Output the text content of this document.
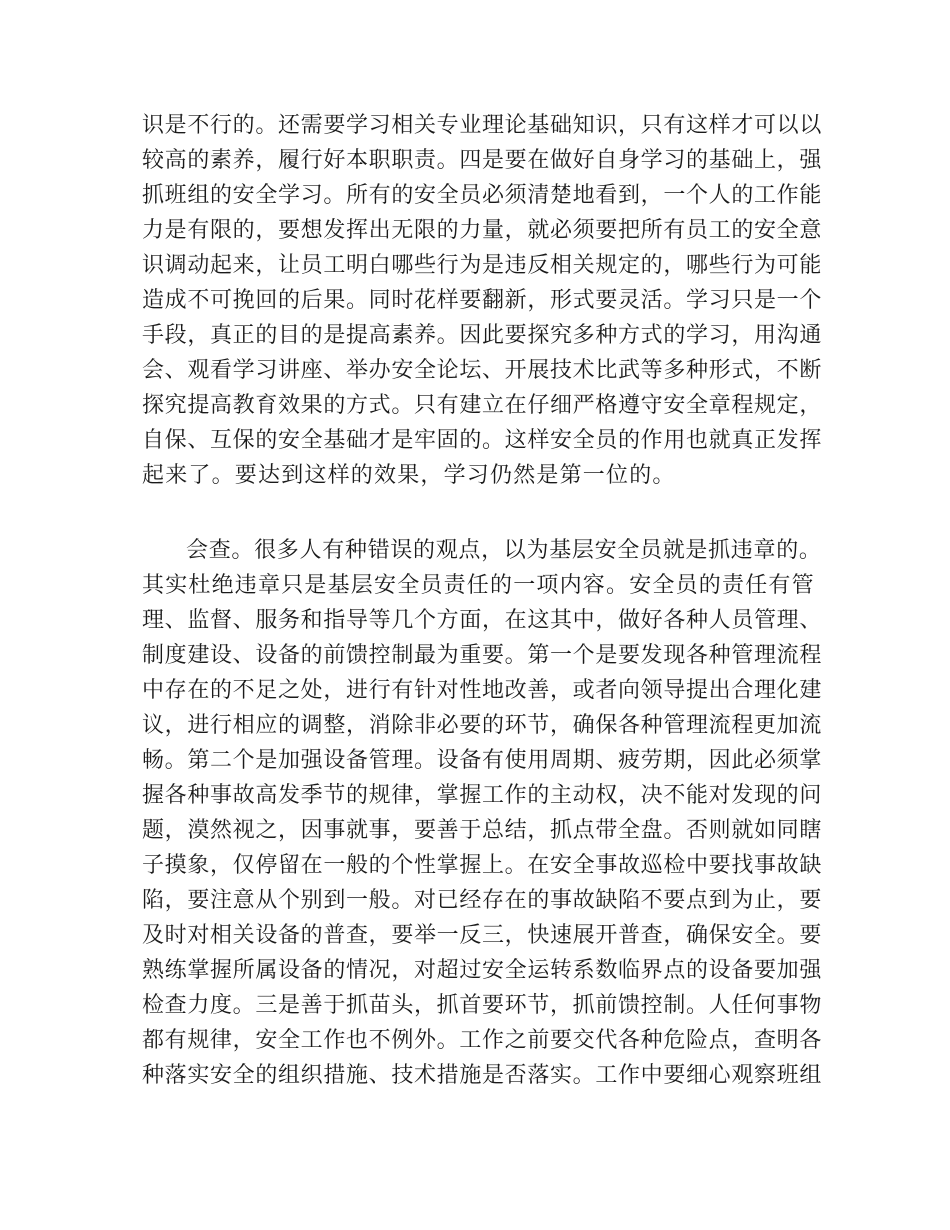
识是不行的。还需要学习相关专业理论基础知识，只有这样才可以以
较高的素养，履行好本职职责。四是要在做好自身学习的基础上，强
抓班组的安全学习。所有的安全员必须清楚地看到，一个人的工作能
力是有限的，要想发挥出无限的力量，就必须要把所有员工的安全意
识调动起来，让员工明白哪些行为是违反相关规定的，哪些行为可能
造成不可挽回的后果。同时花样要翻新，形式要灵活。学习只是一个
手段，真正的目的是提高素养。因此要探究多种方式的学习，用沟通
会、观看学习讲座、举办安全论坛、开展技术比武等多种形式，不断
探究提高教育效果的方式。只有建立在仔细严格遵守安全章程规定，
自保、互保的安全基础才是牢固的。这样安全员的作用也就真正发挥
起来了。要达到这样的效果，学习仍然是第一位的。
会查。很多人有种错误的观点，以为基层安全员就是抓违章的。
其实杜绝违章只是基层安全员责任的一项内容。安全员的责任有管
理、监督、服务和指导等几个方面，在这其中，做好各种人员管理、
制度建设、设备的前馈控制最为重要。第一个是要发现各种管理流程
中存在的不足之处，进行有针对性地改善，或者向领导提出合理化建
议，进行相应的调整，消除非必要的环节，确保各种管理流程更加流
畅。第二个是加强设备管理。设备有使用周期、疲劳期，因此必须掌
握各种事故高发季节的规律，掌握工作的主动权，决不能对发现的问
题，漠然视之，因事就事，要善于总结，抓点带全盘。否则就如同瞎
子摸象，仅停留在一般的个性掌握上。在安全事故巡检中要找事故缺
陷，要注意从个别到一般。对已经存在的事故缺陷不要点到为止，要
及时对相关设备的普查，要举一反三，快速展开普查，确保安全。要
熟练掌握所属设备的情况，对超过安全运转系数临界点的设备要加强
检查力度。三是善于抓苗头，抓首要环节，抓前馈控制。人任何事物
都有规律，安全工作也不例外。工作之前要交代各种危险点，查明各
种落实安全的组织措施、技术措施是否落实。工作中要细心观察班组
